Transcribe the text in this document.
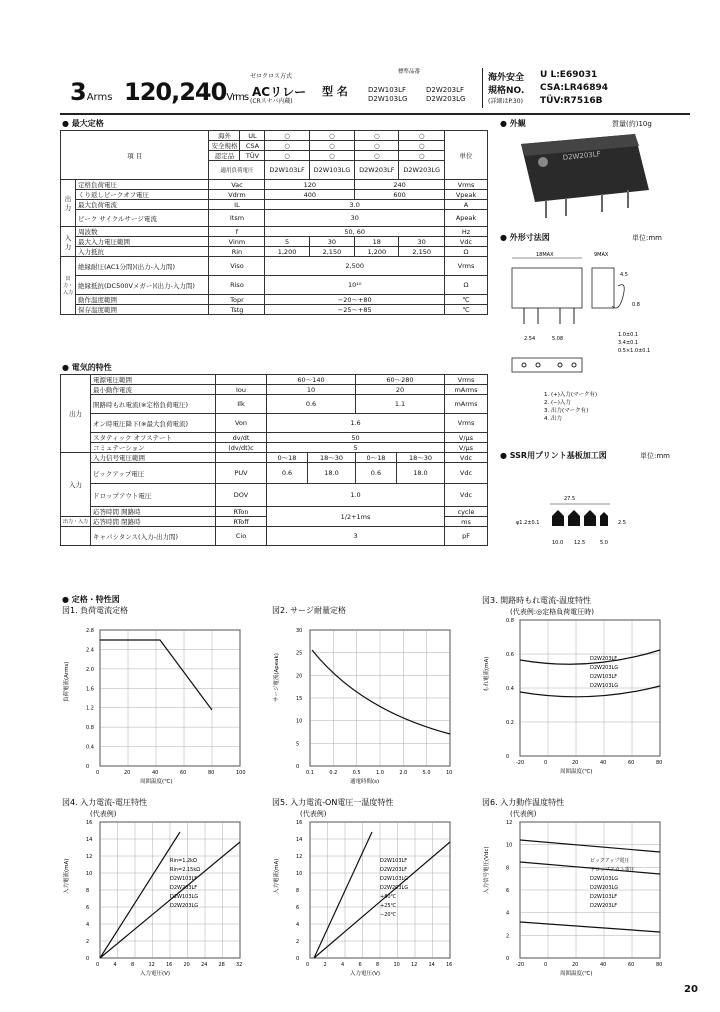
3Arms 120,240Vrms
ゼロクロス方式
ACリレー
(CRスナバ内蔵)
型 名
標準品番
D2W103LF	D2W203LF
D2W103LG	D2W203LG
海外安全
規格NO.
(詳細はP.30)
U L:E69031
CSA:LR46894
TÜV:R7516B
● 最大定格
項 目		海外	UL	○	○	○	○	単位
		安全規格	CSA	○	○	○	○	
		認定品	TÜV	○	○	○	○	
		適用負荷電圧		D2W103LF	D2W103LG	D2W203LF	D2W203LG	
出力	定格負荷電圧	Vac		120		240		Vrms
	くり返しピークオフ電圧	Vdrm		400		600		Vpeak
	最大負荷電流	IL		3.0				A
	ピーク サイクルサージ電流	Itsm		30				Apeak
入力	周波数	f		50, 60				Hz
	最大入力電圧範囲	Vinm		5	30	18	30	Vdc
	入力抵抗	Rin		1,200	2,150	1,200	2,150	Ω
出力・入力	絶縁耐圧(AC1分間)(出力-入力間)	Viso		2,500				Vrms
	絶縁抵抗(DC500Vメガー)(出力-入力間)	Riso		10¹⁰				Ω
	動作温度範囲	Topr		−20〜+80				℃
	保存温度範囲	Tstg		−25〜+85				℃
● 電気的特性
出力	電源電圧範囲		60〜140		60〜280		Vrms
	最小動作電流	Iou	10		20		mArms
	開路時もれ電流(※定格負荷電圧)	Ilk	0.6		1.1		mArms
	オン時電圧降下(※最大負荷電流)	Von	1.6				Vrms
	スタティック オフステート	dv/dt	50				V/μs
	コミュテーション	(dv/dt)c	5				V/μs
入力	入力信号電圧範囲		0〜18	18〜30	0〜18	18〜30	Vdc
	ピックアップ電圧	PUV	0.6	18.0	0.6	18.0	Vdc
	ドロップアウト電圧	DOV	1.0				Vdc
	応答時間 開路時	RTon	1/2+1ms				cycle
出力・入力	応答時間 閉路時	RToff					ms
	キャパシタンス(入力-出力間)	Cio	3				pF
● 外観	質量(約)10g
D2W203LF
● 外形寸法図	単位:mm
18MAX	9MAX
4.5
0.8
2.54	5.08
1.0±0.1
3.4±0.1
0.5×1.0±0.1
1. (+)入力(マーク有)
2. (−)入力
3. 出力(マーク有)
4. 出力
● SSR用プリント基板加工図	単位:mm
27.5
φ1.2±0.1
10.0 12.5	5.0
2.5
● 定格・特性図
図1. 負荷電流定格
0	20	40	60	80	100
0
0.4
0.8
1.2
1.6
2.0
2.4
2.8
周囲温度(℃)
負荷電流(Arms)
図2. サージ耐量定格
0.1	0.2	0.5	1.0	2.0	5.0	10
0
5
10
15
20
25
30
通電時間(s)
サージ電流(Apeak)
図3. 開路時もれ電流-温度特性
(代表例:◎定格負荷電圧時)
-20	0	20	40	60	80
0
0.2
0.4
0.6
0.8
周囲温度(℃)
もれ電流(mA)	D2W203LF
D2W203LG
D2W103LF
D2W103LG
図4. 入力電流-電圧特性
(代表例)
0	4	8	12 16 20 24 28 32
0
2
4
6
8
10
12
14
16
入力電圧(V)
入力電流(mA)	Rin=1.2kΩ
Rin=2.15kΩ
D2W103LF
D2W203LF
D2W103LG
D2W203LG
図5. 入力電流-ON電圧一温度特性
(代表例)
0	2	4	6	8	10 12 14 16
0
2
4
6
8
10
12
14
16
入力電圧(V)
入力電流(mA)	D2W103LF
D2W203LF
D2W103LG
D2W203LG
+80℃
+25℃
−20℃
図6. 入力動作温度特性
(代表例)
-20	0	20	40	60	80
0
2
4
6
8
10
12
周囲温度(℃)
入力信号電圧(Vdc)	ピックアップ電圧
ドロップアウト電圧
D2W103LG
D2W203LG
D2W103LF
D2W203LF
20
